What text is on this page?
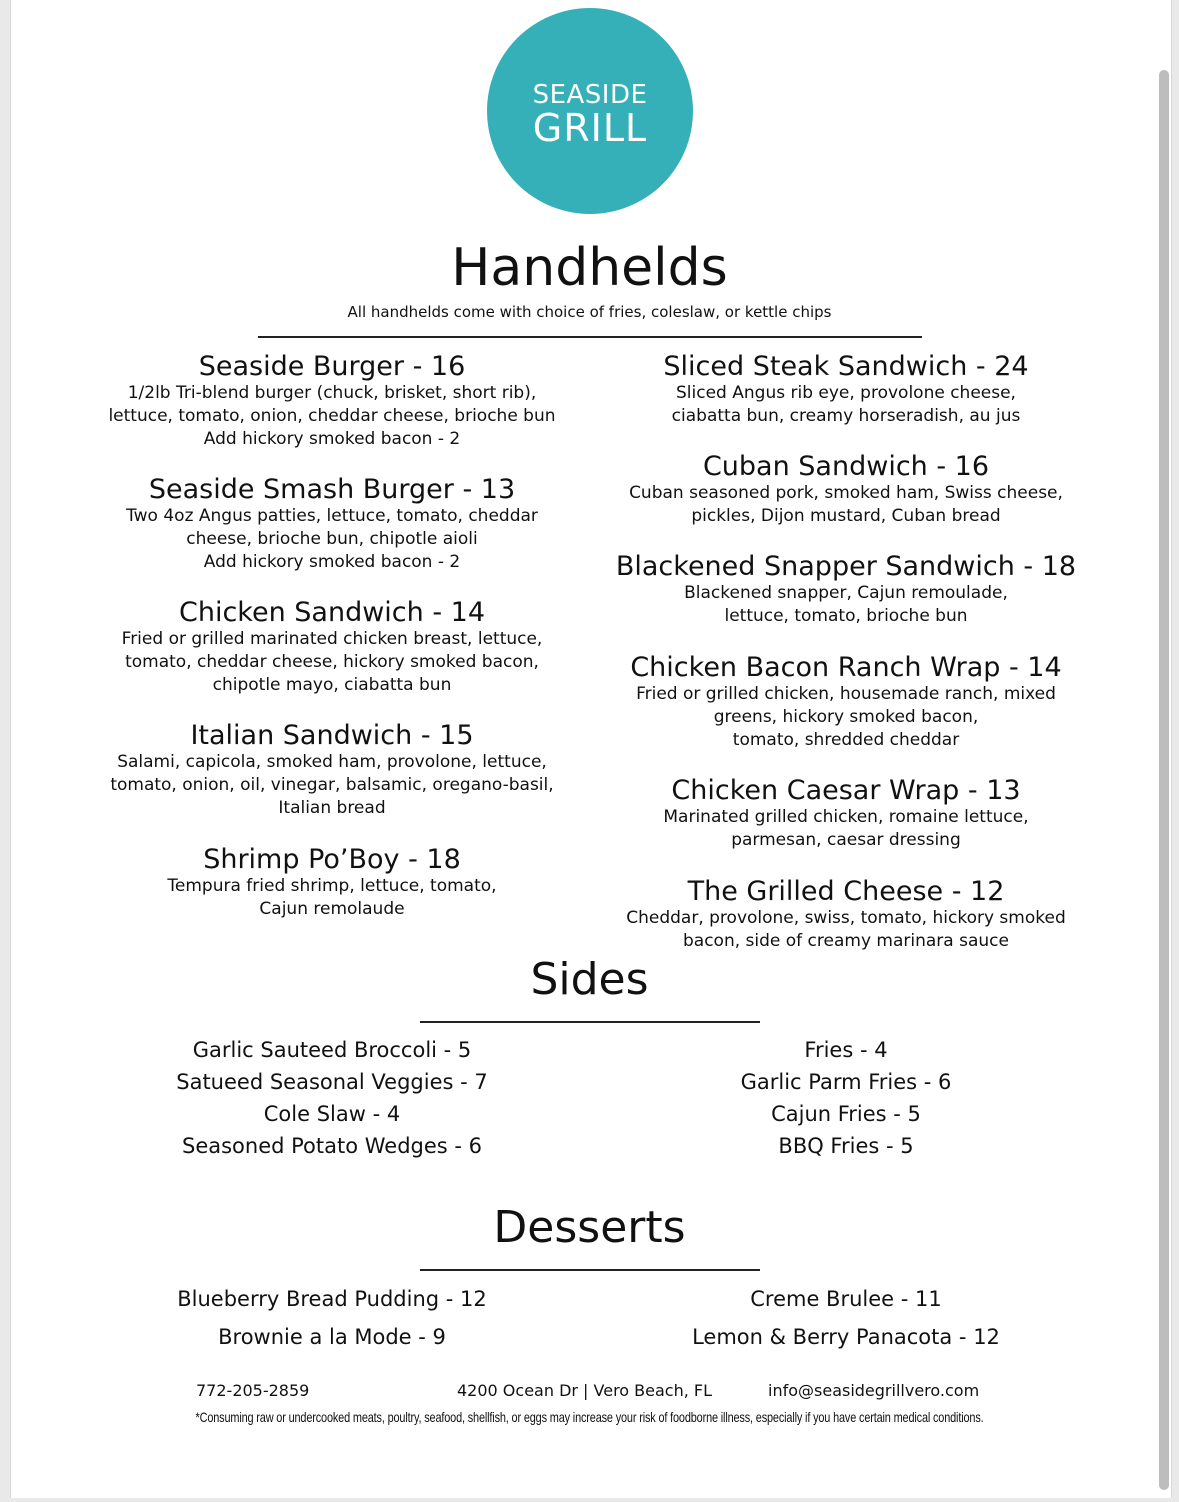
SEASIDE
GRILL
Handhelds
All handhelds come with choice of fries, coleslaw, or kettle chips
Seaside Burger - 16
1/2lb Tri-blend burger (chuck, brisket, short rib),
lettuce, tomato, onion, cheddar cheese, brioche bun
Add hickory smoked bacon - 2
Seaside Smash Burger - 13
Two 4oz Angus patties, lettuce, tomato, cheddar
cheese, brioche bun, chipotle aioli
Add hickory smoked bacon - 2
Chicken Sandwich - 14
Fried or grilled marinated chicken breast, lettuce,
tomato, cheddar cheese, hickory smoked bacon,
chipotle mayo, ciabatta bun
Italian Sandwich - 15
Salami, capicola, smoked ham, provolone, lettuce,
tomato, onion, oil, vinegar, balsamic, oregano-basil,
Italian bread
Shrimp Po’Boy - 18
Tempura fried shrimp, lettuce, tomato,
Cajun remolaude
Sliced Steak Sandwich - 24
Sliced Angus rib eye, provolone cheese,
ciabatta bun, creamy horseradish, au jus
Cuban Sandwich - 16
Cuban seasoned pork, smoked ham, Swiss cheese,
pickles, Dijon mustard, Cuban bread
Blackened Snapper Sandwich - 18
Blackened snapper, Cajun remoulade,
lettuce, tomato, brioche bun
Chicken Bacon Ranch Wrap - 14
Fried or grilled chicken, housemade ranch, mixed
greens, hickory smoked bacon,
tomato, shredded cheddar
Chicken Caesar Wrap - 13
Marinated grilled chicken, romaine lettuce,
parmesan, caesar dressing
The Grilled Cheese - 12
Cheddar, provolone, swiss, tomato, hickory smoked
bacon, side of creamy marinara sauce
Sides
Garlic Sauteed Broccoli - 5
Satueed Seasonal Veggies - 7
Cole Slaw - 4
Seasoned Potato Wedges - 6
Fries - 4
Garlic Parm Fries - 6
Cajun Fries - 5
BBQ Fries - 5
Desserts
Blueberry Bread Pudding - 12
Brownie a la Mode - 9
Creme Brulee - 11
Lemon & Berry Panacota - 12
772-205-2859	4200 Ocean Dr | Vero Beach, FL	info@seasidegrillvero.com
*Consuming raw or undercooked meats, poultry, seafood, shellfish, or eggs may increase your risk of foodborne illness, especially if you have certain medical conditions.
